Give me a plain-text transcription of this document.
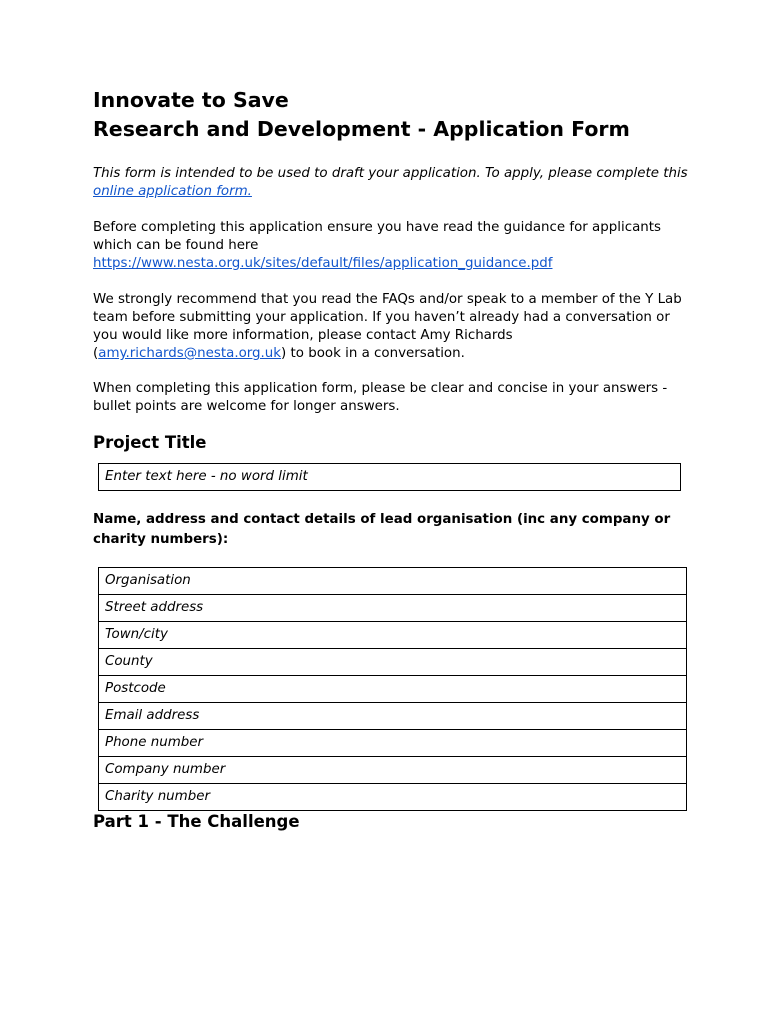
Innovate to Save
Research and Development - Application Form

This form is intended to be used to draft your application. To apply, please complete this online application form.

Before completing this application ensure you have read the guidance for applicants which can be found here
https://www.nesta.org.uk/sites/default/files/application_guidance.pdf

We strongly recommend that you read the FAQs and/or speak to a member of the Y Lab team before submitting your application. If you haven’t already had a conversation or you would like more information, please contact Amy Richards (amy.richards@nesta.org.uk) to book in a conversation.

When completing this application form, please be clear and concise in your answers - bullet points are welcome for longer answers.

Project Title
Enter text here - no word limit

Name, address and contact details of lead organisation (inc any company or charity numbers):

Organisation
Street address
Town/city
County
Postcode
Email address
Phone number
Company number
Charity number
Part 1 - The Challenge
